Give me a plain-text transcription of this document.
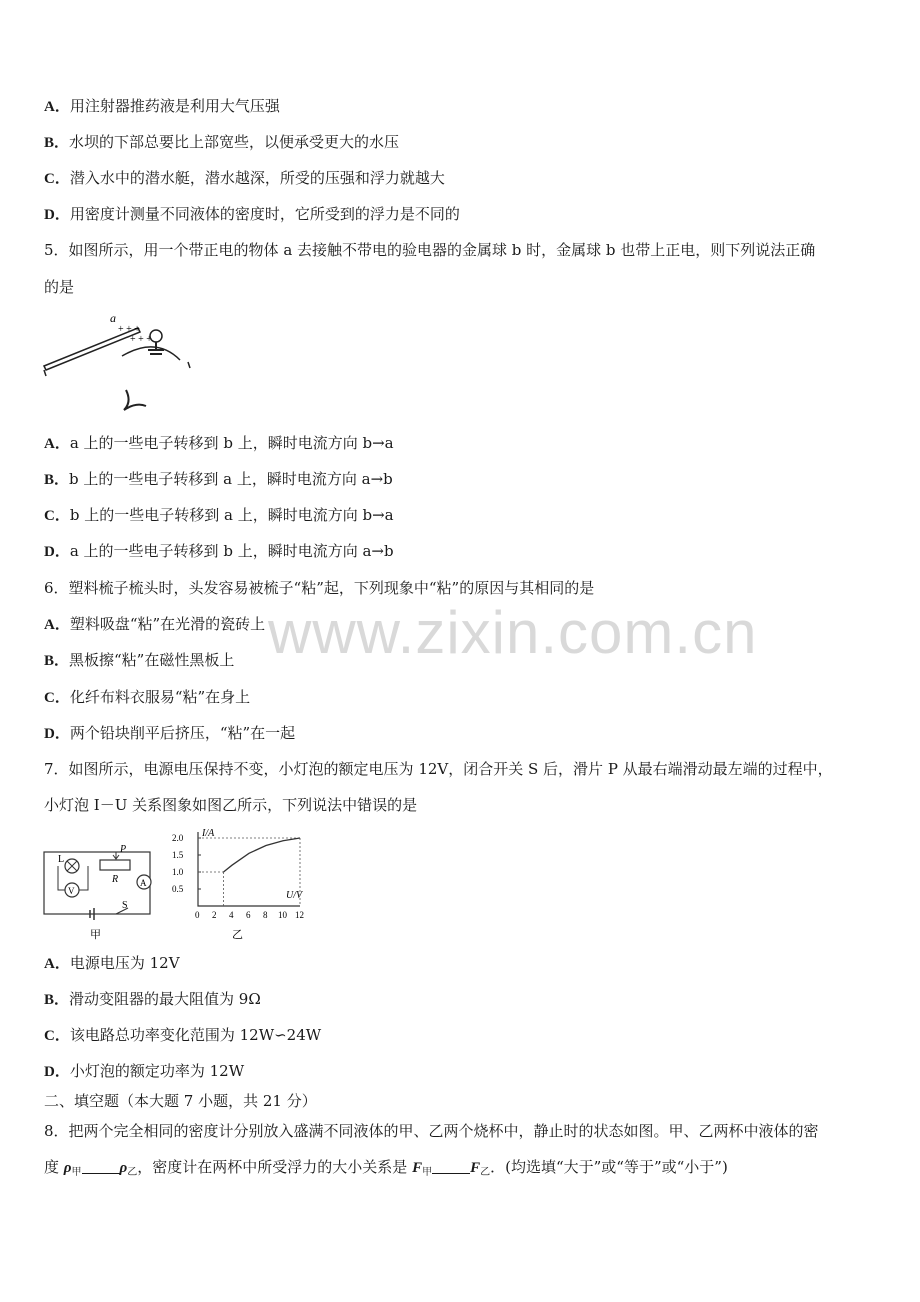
A．用注射器推药液是利用大气压强
B．水坝的下部总要比上部宽些，以便承受更大的水压
C．潜入水中的潜水艇，潜水越深，所受的压强和浮力就越大
D．用密度计测量不同液体的密度时，它所受到的浮力是不同的
5．如图所示，用一个带正电的物体 a 去接触不带电的验电器的金属球 b 时，金属球 b 也带上正电，则下列说法正确
的是
a
+ + +
+ + +
A．a 上的一些电子转移到 b 上，瞬时电流方向 b→a
B．b 上的一些电子转移到 a 上，瞬时电流方向 a→b
C．b 上的一些电子转移到 a 上，瞬时电流方向 b→a
D．a 上的一些电子转移到 b 上，瞬时电流方向 a→b
6．塑料梳子梳头时，头发容易被梳子“粘”起，下列现象中“粘”的原因与其相同的是
A．塑料吸盘“粘”在光滑的瓷砖上
B．黑板擦“粘”在磁性黑板上
C．化纤布料衣服易“粘”在身上
D．两个铅块削平后挤压，“粘”在一起
www.zixin.com.cn
7．如图所示，电源电压保持不变，小灯泡的额定电压为 12V，闭合开关 S 后，滑片 P 从最右端滑动最左端的过程中，
小灯泡 I－U 关系图象如图乙所示，下列说法中错误的是
L
P
R
V
A
S
甲
I/A
U/V
2.0
1.5
1.0
0.5
0 2 4 6 8 10 12
乙
A．电源电压为 12V
B．滑动变阻器的最大阻值为 9Ω
C．该电路总功率变化范围为 12W∽24W
D．小灯泡的额定功率为 12W
二、填空题（本大题 7 小题，共 21 分）
8．把两个完全相同的密度计分别放入盛满不同液体的甲、乙两个烧杯中，静止时的状态如图。甲、乙两杯中液体的密
度 $\rho_甲$	$\rho_乙$，密度计在两杯中所受浮力的大小关系是 $F_甲$	$F_乙$．(均选填“大于”或“等于”或“小于”)
